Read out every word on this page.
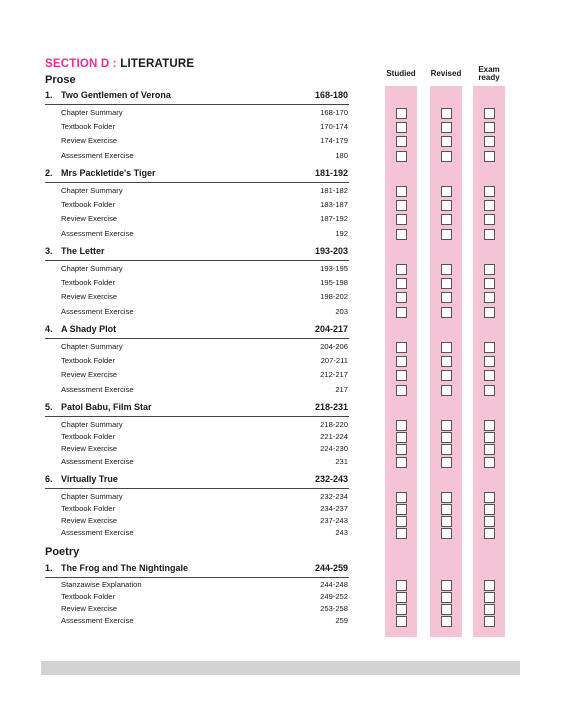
SECTION D : LITERATURE
Studied	Revised	Exam
ready
Prose
Poetry
1. Two Gentlemen of Verona	168-180
Chapter Summary	168-170
Textbook Folder	170-174
Review Exercise	174-179
Assessment Exercise	180
2. Mrs Packletide's Tiger	181-192
Chapter Summary	181-182
Textbook Folder	183-187
Review Exercise	187-192
Assessment Exercise	192
3. The Letter	193-203
Chapter Summary	193-195
Textbook Folder	195-198
Review Exercise	198-202
Assessment Exercise	203
4. A Shady Plot	204-217
Chapter Summary	204-206
Textbook Folder	207-211
Review Exercise	212-217
Assessment Exercise	217
5. Patol Babu, Film Star	218-231
Chapter Summary	218-220
Textbook Folder	221-224
Review Exercise	224-230
Assessment Exercise	231
6. Virtually True	232-243
Chapter Summary	232-234
Textbook Folder	234-237
Review Exercise	237-243
Assessment Exercise	243
1. The Frog and The Nightingale	244-259
Stanzawise Explanation	244-248
Textbook Folder	249-252
Review Exercise	253-258
Assessment Exercise	259
